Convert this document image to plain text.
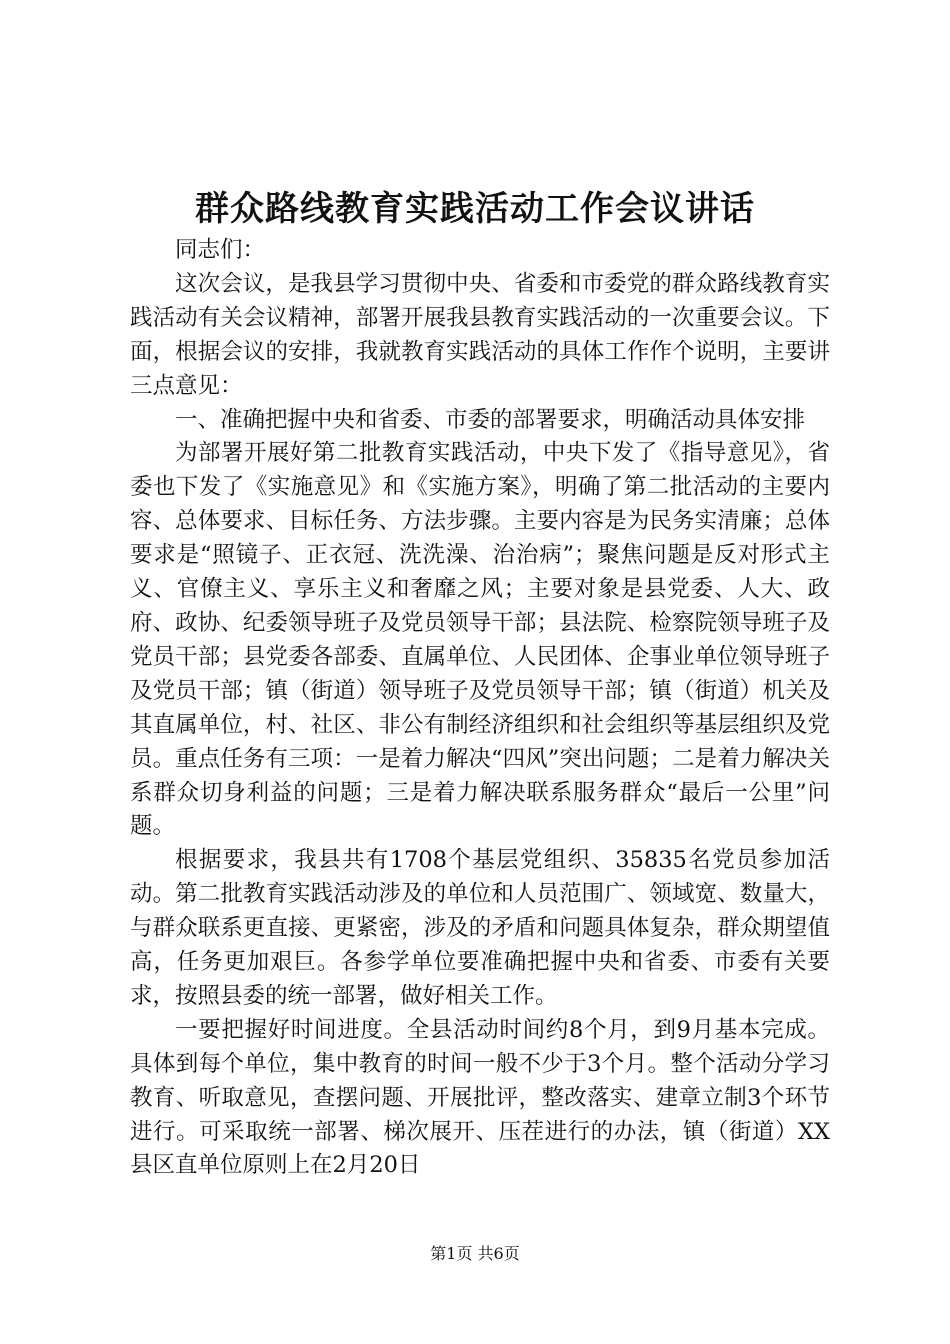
群众路线教育实践活动工作会议讲话

同志们：

这次会议，是我县学习贯彻中央、省委和市委党的群众路线教育实践活动有关会议精神，部署开展我县教育实践活动的一次重要会议。下面，根据会议的安排，我就教育实践活动的具体工作作个说明，主要讲三点意见：

一、准确把握中央和省委、市委的部署要求，明确活动具体安排

为部署开展好第二批教育实践活动，中央下发了《指导意见》，省委也下发了《实施意见》和《实施方案》，明确了第二批活动的主要内容、总体要求、目标任务、方法步骤。主要内容是为民务实清廉；总体要求是“照镜子、正衣冠、洗洗澡、治治病”；聚焦问题是反对形式主义、官僚主义、享乐主义和奢靡之风；主要对象是县党委、人大、政府、政协、纪委领导班子及党员领导干部；县法院、检察院领导班子及党员干部；县党委各部委、直属单位、人民团体、企事业单位领导班子及党员干部；镇（街道）领导班子及党员领导干部；镇（街道）机关及其直属单位，村、社区、非公有制经济组织和社会组织等基层组织及党员。重点任务有三项：一是着力解决“四风”突出问题；二是着力解决关系群众切身利益的问题；三是着力解决联系服务群众“最后一公里”问题。

根据要求，我县共有1708个基层党组织、35835名党员参加活动。第二批教育实践活动涉及的单位和人员范围广、领域宽、数量大，与群众联系更直接、更紧密，涉及的矛盾和问题具体复杂，群众期望值高，任务更加艰巨。各参学单位要准确把握中央和省委、市委有关要求，按照县委的统一部署，做好相关工作。

一要把握好时间进度。全县活动时间约8个月，到9月基本完成。具体到每个单位，集中教育的时间一般不少于3个月。整个活动分学习教育、听取意见，查摆问题、开展批评，整改落实、建章立制3个环节进行。可采取统一部署、梯次展开、压茬进行的办法，镇（街道）XX县区直单位原则上在2月20日

第1页 共6页
